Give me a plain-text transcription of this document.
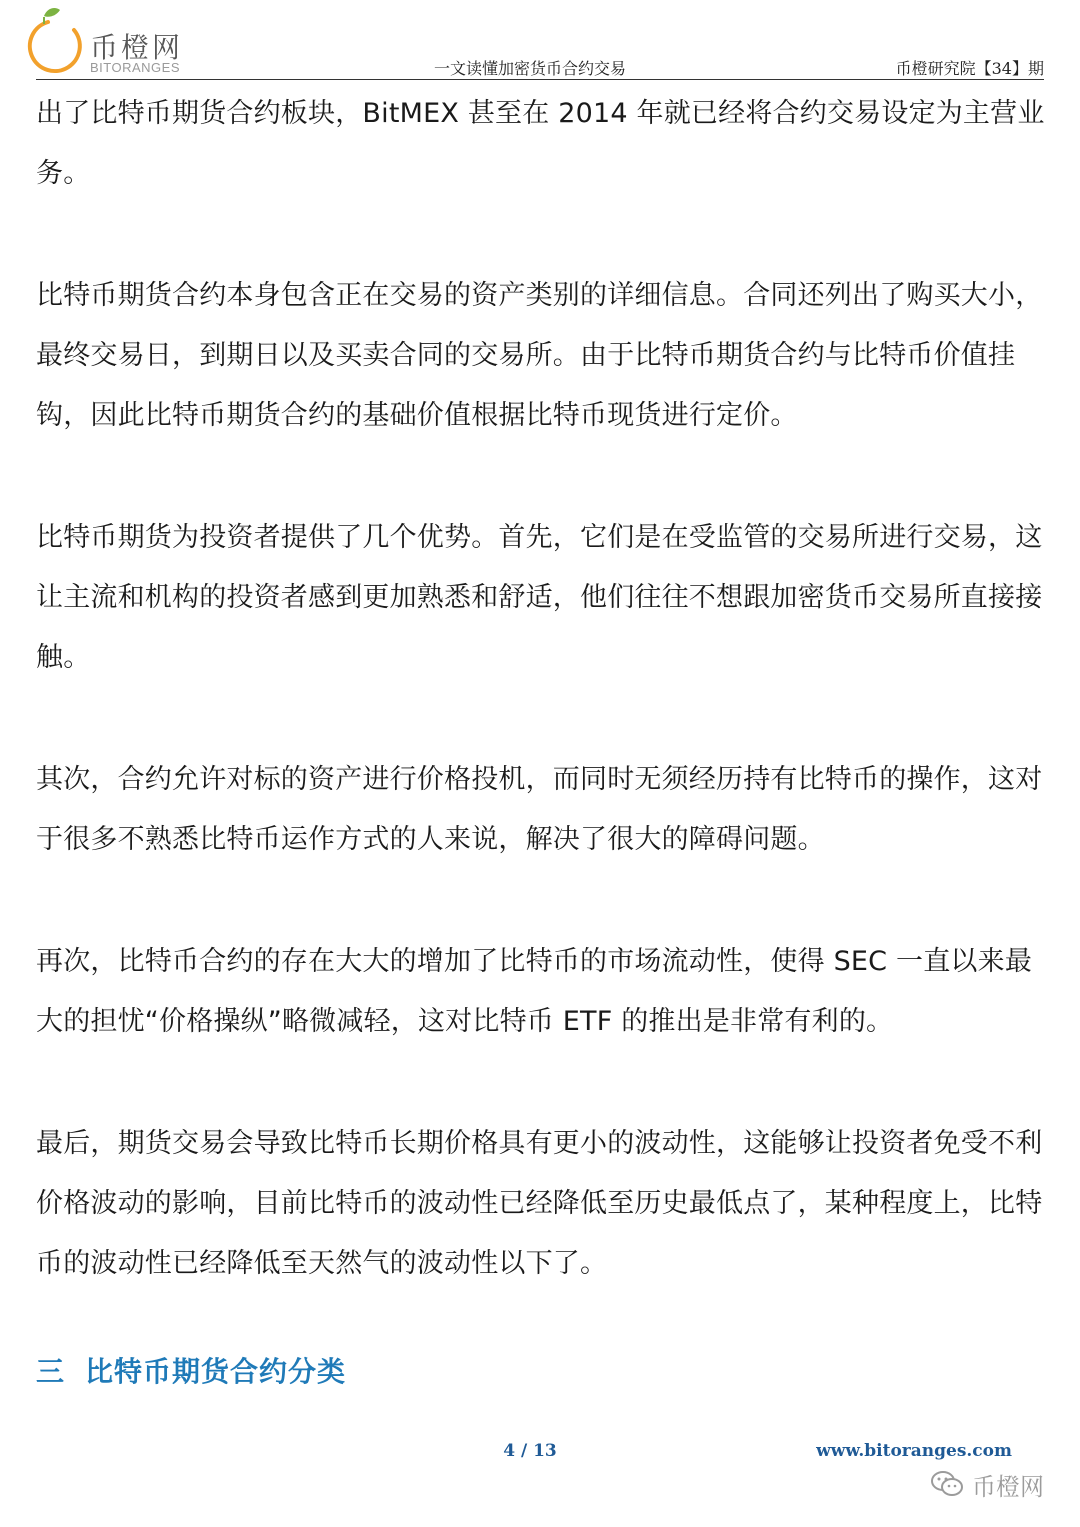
币橙网
BITORANGES	一文读懂加密货币合约交易	币橙研究院【34】期

出了比特币期货合约板块，BitMEX 甚至在 2014 年就已经将合约交易设定为主营业务。

比特币期货合约本身包含正在交易的资产类别的详细信息。合同还列出了购买大小，最终交易日，到期日以及买卖合同的交易所。由于比特币期货合约与比特币价值挂钩，因此比特币期货合约的基础价值根据比特币现货进行定价。

比特币期货为投资者提供了几个优势。首先，它们是在受监管的交易所进行交易，这让主流和机构的投资者感到更加熟悉和舒适，他们往往不想跟加密货币交易所直接接触。

其次，合约允许对标的资产进行价格投机，而同时无须经历持有比特币的操作，这对于很多不熟悉比特币运作方式的人来说，解决了很大的障碍问题。

再次，比特币合约的存在大大的增加了比特币的市场流动性，使得 SEC 一直以来最大的担忧“价格操纵”略微减轻，这对比特币 ETF 的推出是非常有利的。

最后，期货交易会导致比特币长期价格具有更小的波动性，这能够让投资者免受不利价格波动的影响，目前比特币的波动性已经降低至历史最低点了，某种程度上，比特币的波动性已经降低至天然气的波动性以下了。

三 比特币期货合约分类
4 / 13	www.bitoranges.com
币橙网
